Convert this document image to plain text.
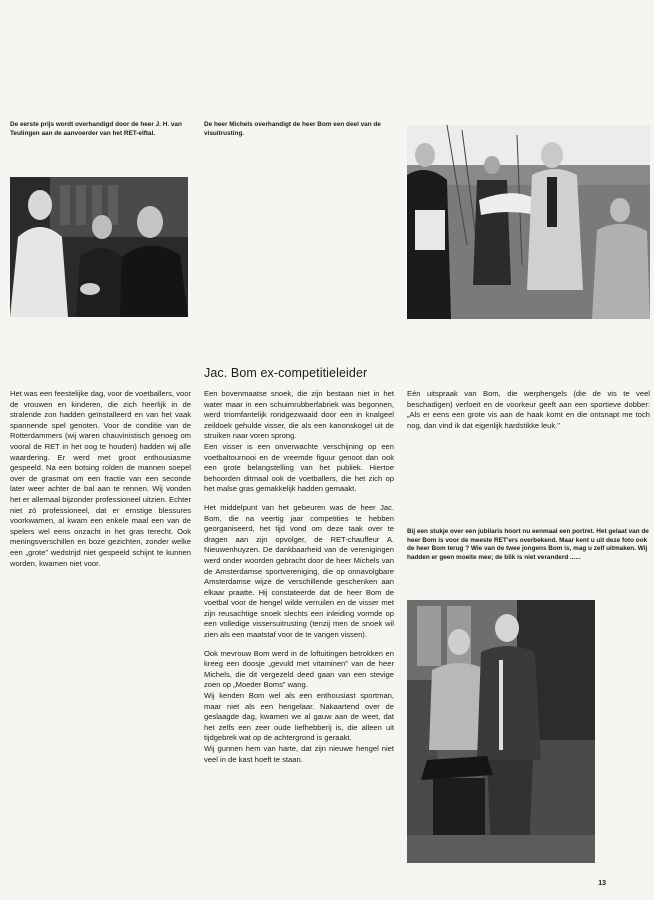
De eerste prijs wordt overhandigd door de heer J. H. van Teulingen aan de aanvoerder van het RET-elftal.
De heer Michels overhandigt de heer Bom een deel van de visuitrusting.
Jac. Bom ex-competitieleider

Het was een feestelijke dag, voor de voetballers, voor de vrouwen en kinderen, die zich heerlijk in de stralende zon hadden geïnstalleerd en van het vaak spannende spel genoten. Voor de conditie van de Rotterdammers (wij waren chauvinistisch genoeg om vooral de RET in het oog te houden) hadden wij alle waardering. Er werd met groot enthousiasme gespeeld. Na een botsing rolden de mannen soepel over de grasmat om een fractie van een seconde later weer achter de bal aan te rennen. Wij vonden het er allemaal bijzonder professioneel uitzien. Echter niet zó professioneel, dat er ernstige blessures voorkwamen, al kwam een enkele maal een van de spelers wel eens onzacht in het gras terecht. Ook meningsverschillen en boze gezichten, zonder welke een „grote” wedstrijd niet gespeeld schijnt te kunnen worden, kwamen niet voor.

Een bovenmaatse snoek, die zijn bestaan niet in het water maar in een schuimrubberfabriek was begonnen, werd triomfantelijk rondgezwaaid door een in knalgeel zeildoek gehulde visser, die als een kanonskogel uit de struiken naar voren sprong.
Een visser is een onverwachte verschijning op een voetbaltournooi en de vreemde figuur genoot dan ook een grote belangstelling van het publiek. Hiertoe behoorden ditmaal ook de voetballers, die het zich op het malse gras gemakkelijk hadden gemaakt.

Het middelpunt van het gebeuren was de heer Jac. Bom, die na veertig jaar competities te hebben georganiseerd, het tijd vond om deze taak over te dragen aan zijn opvolger, de RET-chauffeur A. Nieuwenhuyzen. De dankbaarheid van de verenigingen werd onder woorden gebracht door de heer Michels van de Amsterdamse sportvereniging, die op onnavolgbare Amsterdamse wijze de verschillende geschenken aan elkaar praatte. Hij constateerde dat de heer Bom de voetbal voor de hengel wilde verruilen en de visser met zijn reusachtige snoek slechts een inleiding vormde op een volledige vissersuitrusting (tenzij men de snoek wil zien als een maatstaf voor de te vangen vissen).

Ook mevrouw Bom werd in de loftuitingen betrokken en kreeg een doosje „gevuld met vitaminen” van de heer Michels, die dit vergezeld deed gaan van een stevige zoen op „Moeder Boms” wang.
Wij kenden Bom wel als een enthousiast sportman, maar niet als een hengelaar. Nakaartend over de geslaagde dag, kwamen we al gauw aan de weet, dat het zelfs een zeer oude liefhebberij is, die alleen uit tijdgebrek wat op de achtergrond is geraakt.
Wij gunnen hem van harte, dat zijn nieuwe hengel niet veel in de kast hoeft te staan.

Eén uitspraak van Bom, die werphengels (die de vis te veel beschadigen) verfoeit en de voorkeur geeft aan een sportieve dobber: „Als er eens een grote vis aan de haak komt en die ontsnapt me toch nog, dan vind ik dat eigenlijk hardstikke leuk.”

Bij een stukje over een jubilaris hoort nu eenmaal een portret. Het gelaat van de heer Bom is voor de meeste RET'ers overbekend. Maar kent u uit deze foto ook de heer Bom terug ? Wie van de twee jongens Bom is, mag u zelf uitmaken. Wij hadden er geen moeite mee; de blik is niet veranderd ......
13
